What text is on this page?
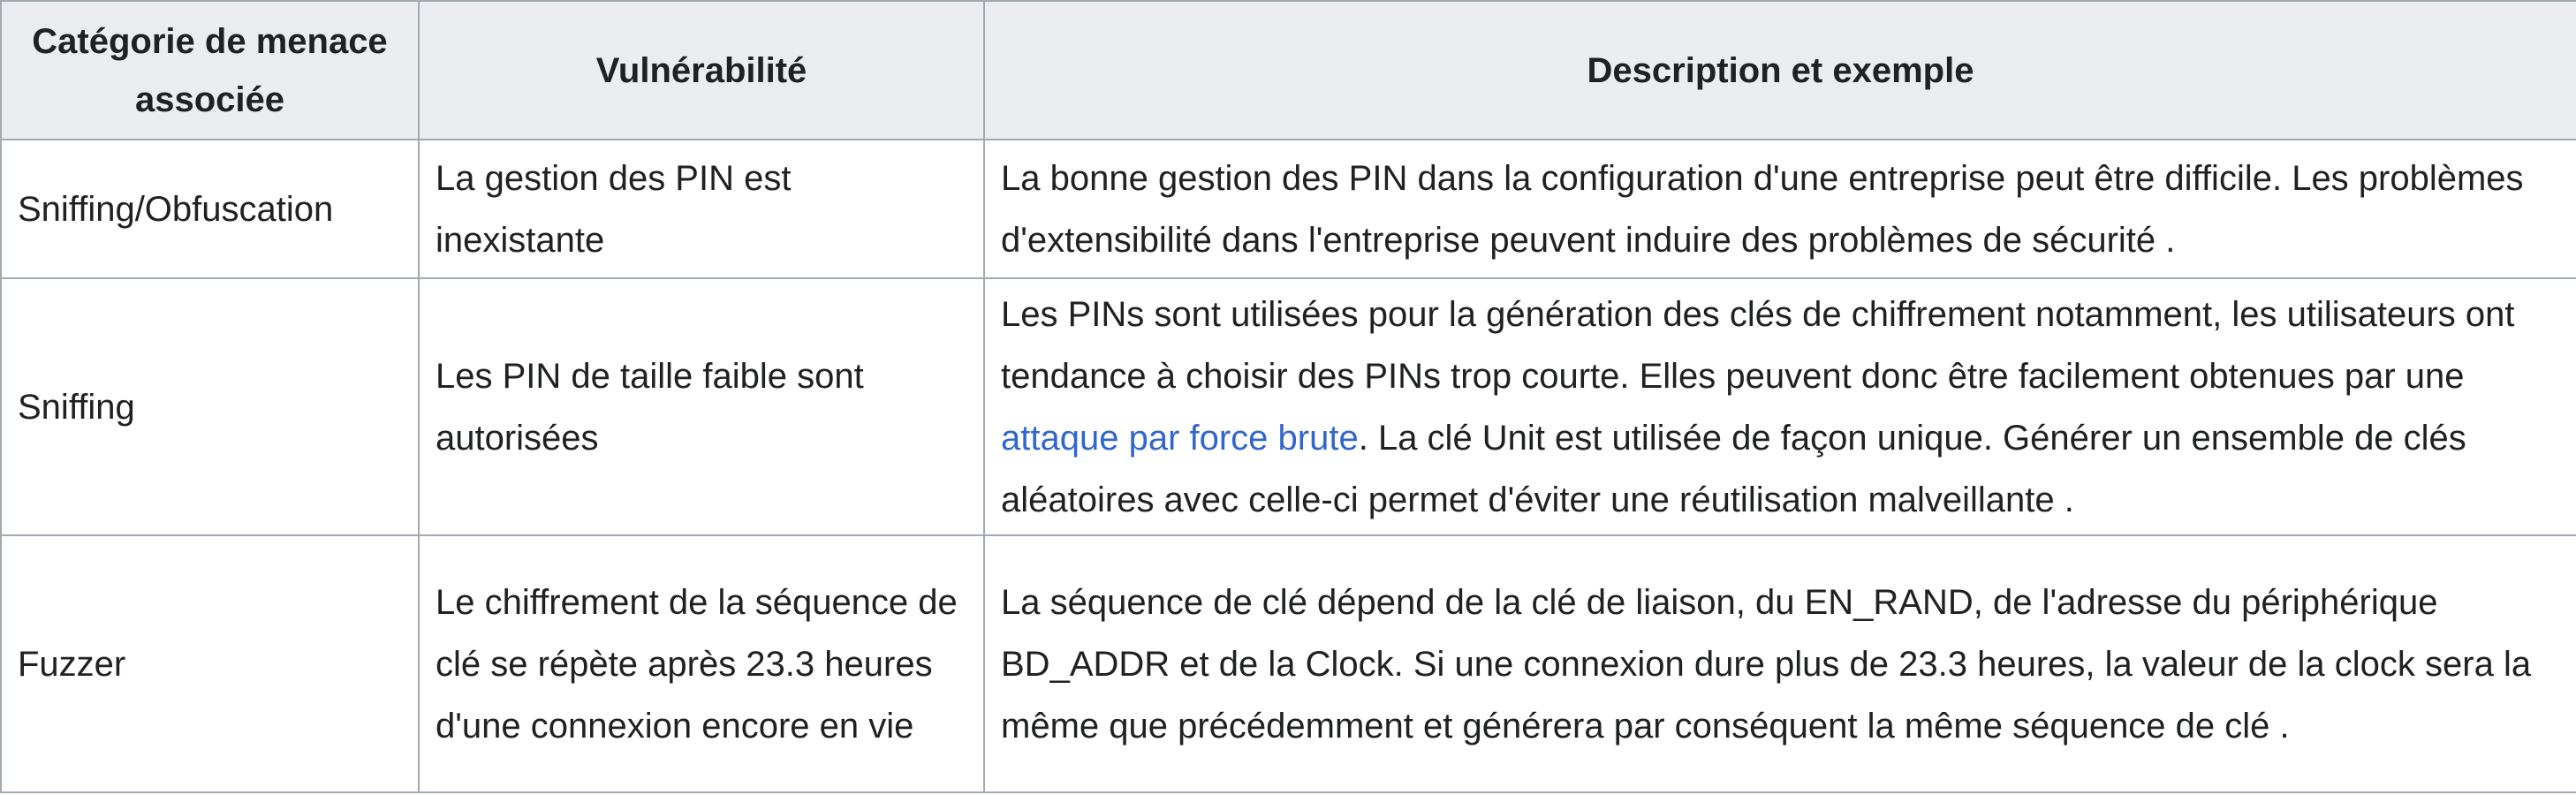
Catégorie de menace associée	Vulnérabilité	Description et exemple
Sniffing/Obfuscation	La gestion des PIN est inexistante	La bonne gestion des PIN dans la configuration d'une entreprise peut être difficile. Les problèmes d'extensibilité dans l'entreprise peuvent induire des problèmes de sécurité .
Sniffing	Les PIN de taille faible sont autorisées	Les PINs sont utilisées pour la génération des clés de chiffrement notamment, les utilisateurs ont tendance à choisir des PINs trop courte. Elles peuvent donc être facilement obtenues par une attaque par force brute. La clé Unit est utilisée de façon unique. Générer un ensemble de clés aléatoires avec celle-ci permet d'éviter une réutilisation malveillante .
Fuzzer	Le chiffrement de la séquence de clé se répète après 23.3 heures d'une connexion encore en vie	La séquence de clé dépend de la clé de liaison, du EN_RAND, de l'adresse du périphérique BD_ADDR et de la Clock. Si une connexion dure plus de 23.3 heures, la valeur de la clock sera la même que précédemment et générera par conséquent la même séquence de clé .
